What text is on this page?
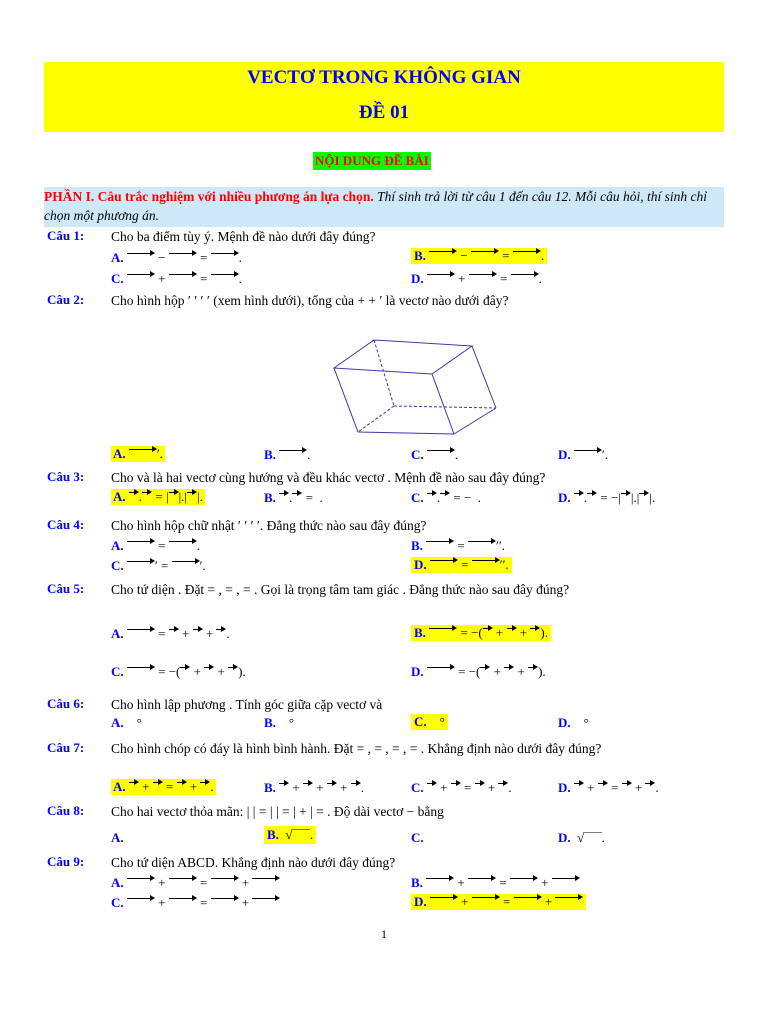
VECTƠ TRONG KHÔNG GIAN
ĐỀ 01
NỘI DUNG ĐỀ BÀI
PHẦN I. Câu trắc nghiệm với nhiều phương án lựa chọn. Thí sinh trả lời từ câu 1 đến câu 12. Mỗi câu hỏi, thí sinh chỉ chọn một phương án.
Câu 1: Cho ba điểm tùy ý. Mệnh đề nào dưới đây đúng?
A.  −  = .	B.  −  = .
C.  +  = .	D.  +  = .
Câu 2: Cho hình hộp ′ ′ ′ ′ (xem hình dưới), tổng của + + ′ là vectơ nào dưới đây?
A. ′.	B. .	C. .	D. ′.
Câu 3: Cho và là hai vectơ cùng hướng và đều khác vectơ . Mệnh đề nào sau đây đúng?
A. . = | |.| |.	B. . =  .	C. . = −  .	D. . = −| |.| |.
Câu 4: Cho hình hộp chữ nhật ′ ′ ′ ′. Đẳng thức nào sau đây đúng?
A.  = .	B.  = ′′.
C. ′ = ′.	D.  = ′′.
Câu 5: Cho tứ diện . Đặt = , = , = . Gọi là trọng tâm tam giác . Đẳng thức nào sau đây đúng?
A.  =  +  + .	B.  = −( +  + ).
C.  = −( +  + ).	D.  = −( +  + ).
Câu 6: Cho hình lập phương . Tính góc giữa cặp vectơ và
A.    °	B.    °	C.    °	D.    °
Câu 7: Cho hình chóp có đáy là hình bình hành. Đặt = , = , = , = . Khẳng định nào dưới đây đúng?
A.  +  =  + .	B.  +  +  + .	C.  +  =  + .	D.  +  =  + .
Câu 8: Cho hai vectơ thỏa mãn: | | = | | = | + | = . Độ dài vectơ − bằng
A.	B.  √‾‾‾‾.	C.	D.  √‾‾‾‾.
Câu 9: Cho tứ diện ABCD. Khẳng định nào dưới đây đúng?
A.  +  =  +	B.  +  =  +
C.  +  =  +	D.  +  =  +
1
